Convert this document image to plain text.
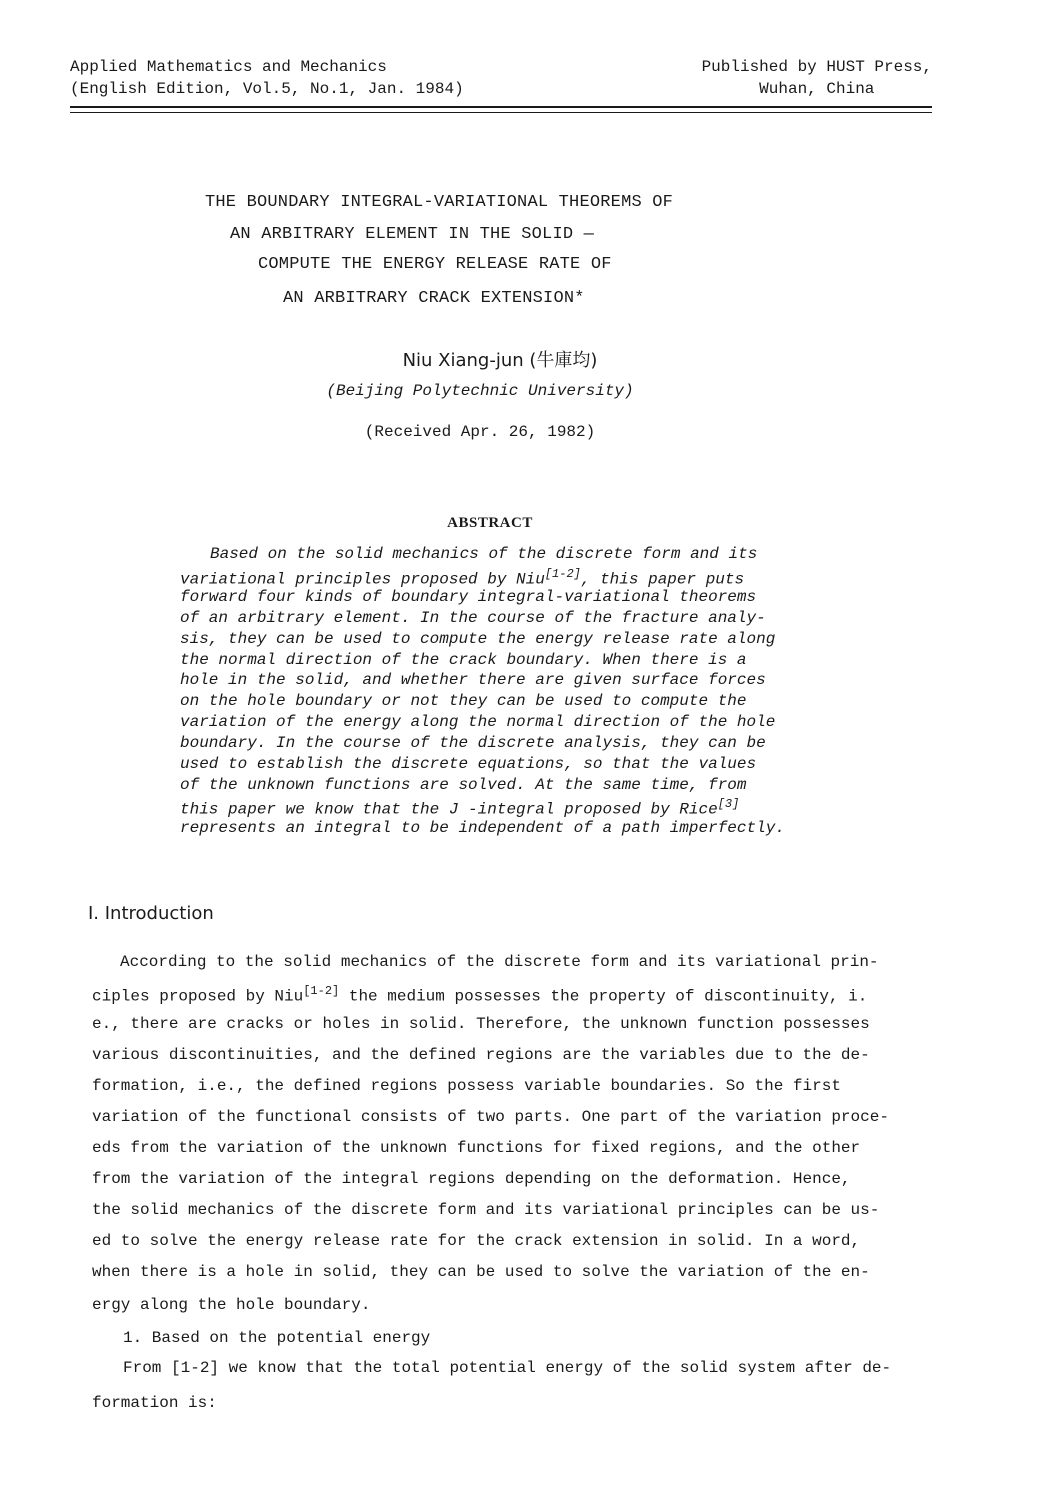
Applied Mathematics and Mechanics
(English Edition, Vol.5, No.1, Jan. 1984)
Published by HUST Press,
Wuhan, China
THE BOUNDARY INTEGRAL-VARIATIONAL THEOREMS OF
AN ARBITRARY ELEMENT IN THE SOLID —
COMPUTE THE ENERGY RELEASE RATE OF
AN ARBITRARY CRACK EXTENSION*
Niu Xiang-jun (牛庫均)
(Beijing Polytechnic University)
(Received Apr. 26, 1982)
ABSTRACT
Based on the solid mechanics of the discrete form and its
variational principles proposed by Niu[1-2], this paper puts
forward four kinds of boundary integral-variational theorems
of an arbitrary element. In the course of the fracture analy-
sis, they can be used to compute the energy release rate along
the normal direction of the crack boundary. When there is a
hole in the solid, and whether there are given surface forces
on the hole boundary or not they can be used to compute the
variation of the energy along the normal direction of the hole
boundary. In the course of the discrete analysis, they can be
used to establish the discrete equations, so that the values
of the unknown functions are solved. At the same time, from
this paper we know that the J -integral proposed by Rice[3]
represents an integral to be independent of a path imperfectly.
I. Introduction
According to the solid mechanics of the discrete form and its variational prin-
ciples proposed by Niu[1-2] the medium possesses the property of discontinuity, i.
e., there are cracks or holes in solid. Therefore, the unknown function possesses
various discontinuities, and the defined regions are the variables due to the de-
formation, i.e., the defined regions possess variable boundaries. So the first
variation of the functional consists of two parts. One part of the variation proce-
eds from the variation of the unknown functions for fixed regions, and the other
from the variation of the integral regions depending on the deformation. Hence,
the solid mechanics of the discrete form and its variational principles can be us-
ed to solve the energy release rate for the crack extension in solid. In a word,
when there is a hole in solid, they can be used to solve the variation of the en-
ergy along the hole boundary.
1. Based on the potential energy
From [1-2] we know that the total potential energy of the solid system after de-
formation is:
